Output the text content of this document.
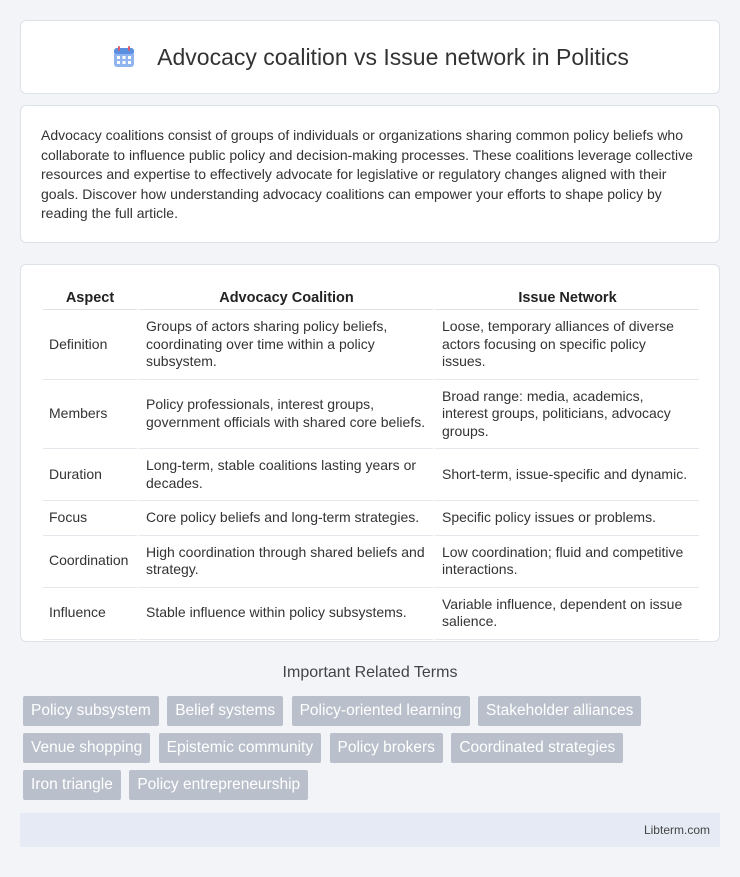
Advocacy coalition vs Issue network in Politics

Advocacy coalitions consist of groups of individuals or organizations sharing common policy beliefs who collaborate to influence public policy and decision-making processes. These coalitions leverage collective resources and expertise to effectively advocate for legislative or regulatory changes aligned with their goals. Discover how understanding advocacy coalitions can empower your efforts to shape policy by reading the full article.

Aspect	Advocacy Coalition	Issue Network
Definition	Groups of actors sharing policy beliefs, coordinating over time within a policy subsystem.	Loose, temporary alliances of diverse actors focusing on specific policy issues.
Members	Policy professionals, interest groups, government officials with shared core beliefs.	Broad range: media, academics, interest groups, politicians, advocacy groups.
Duration	Long-term, stable coalitions lasting years or decades.	Short-term, issue-specific and dynamic.
Focus	Core policy beliefs and long-term strategies.	Specific policy issues or problems.
Coordination	High coordination through shared beliefs and strategy.	Low coordination; fluid and competitive interactions.
Influence	Stable influence within policy subsystems.	Variable influence, dependent on issue salience.
Important Related Terms
Policy subsystem Belief systems Policy-oriented learning Stakeholder alliances Venue shopping Epistemic community Policy brokers Coordinated strategies Iron triangle Policy entrepreneurship
Libterm.com
